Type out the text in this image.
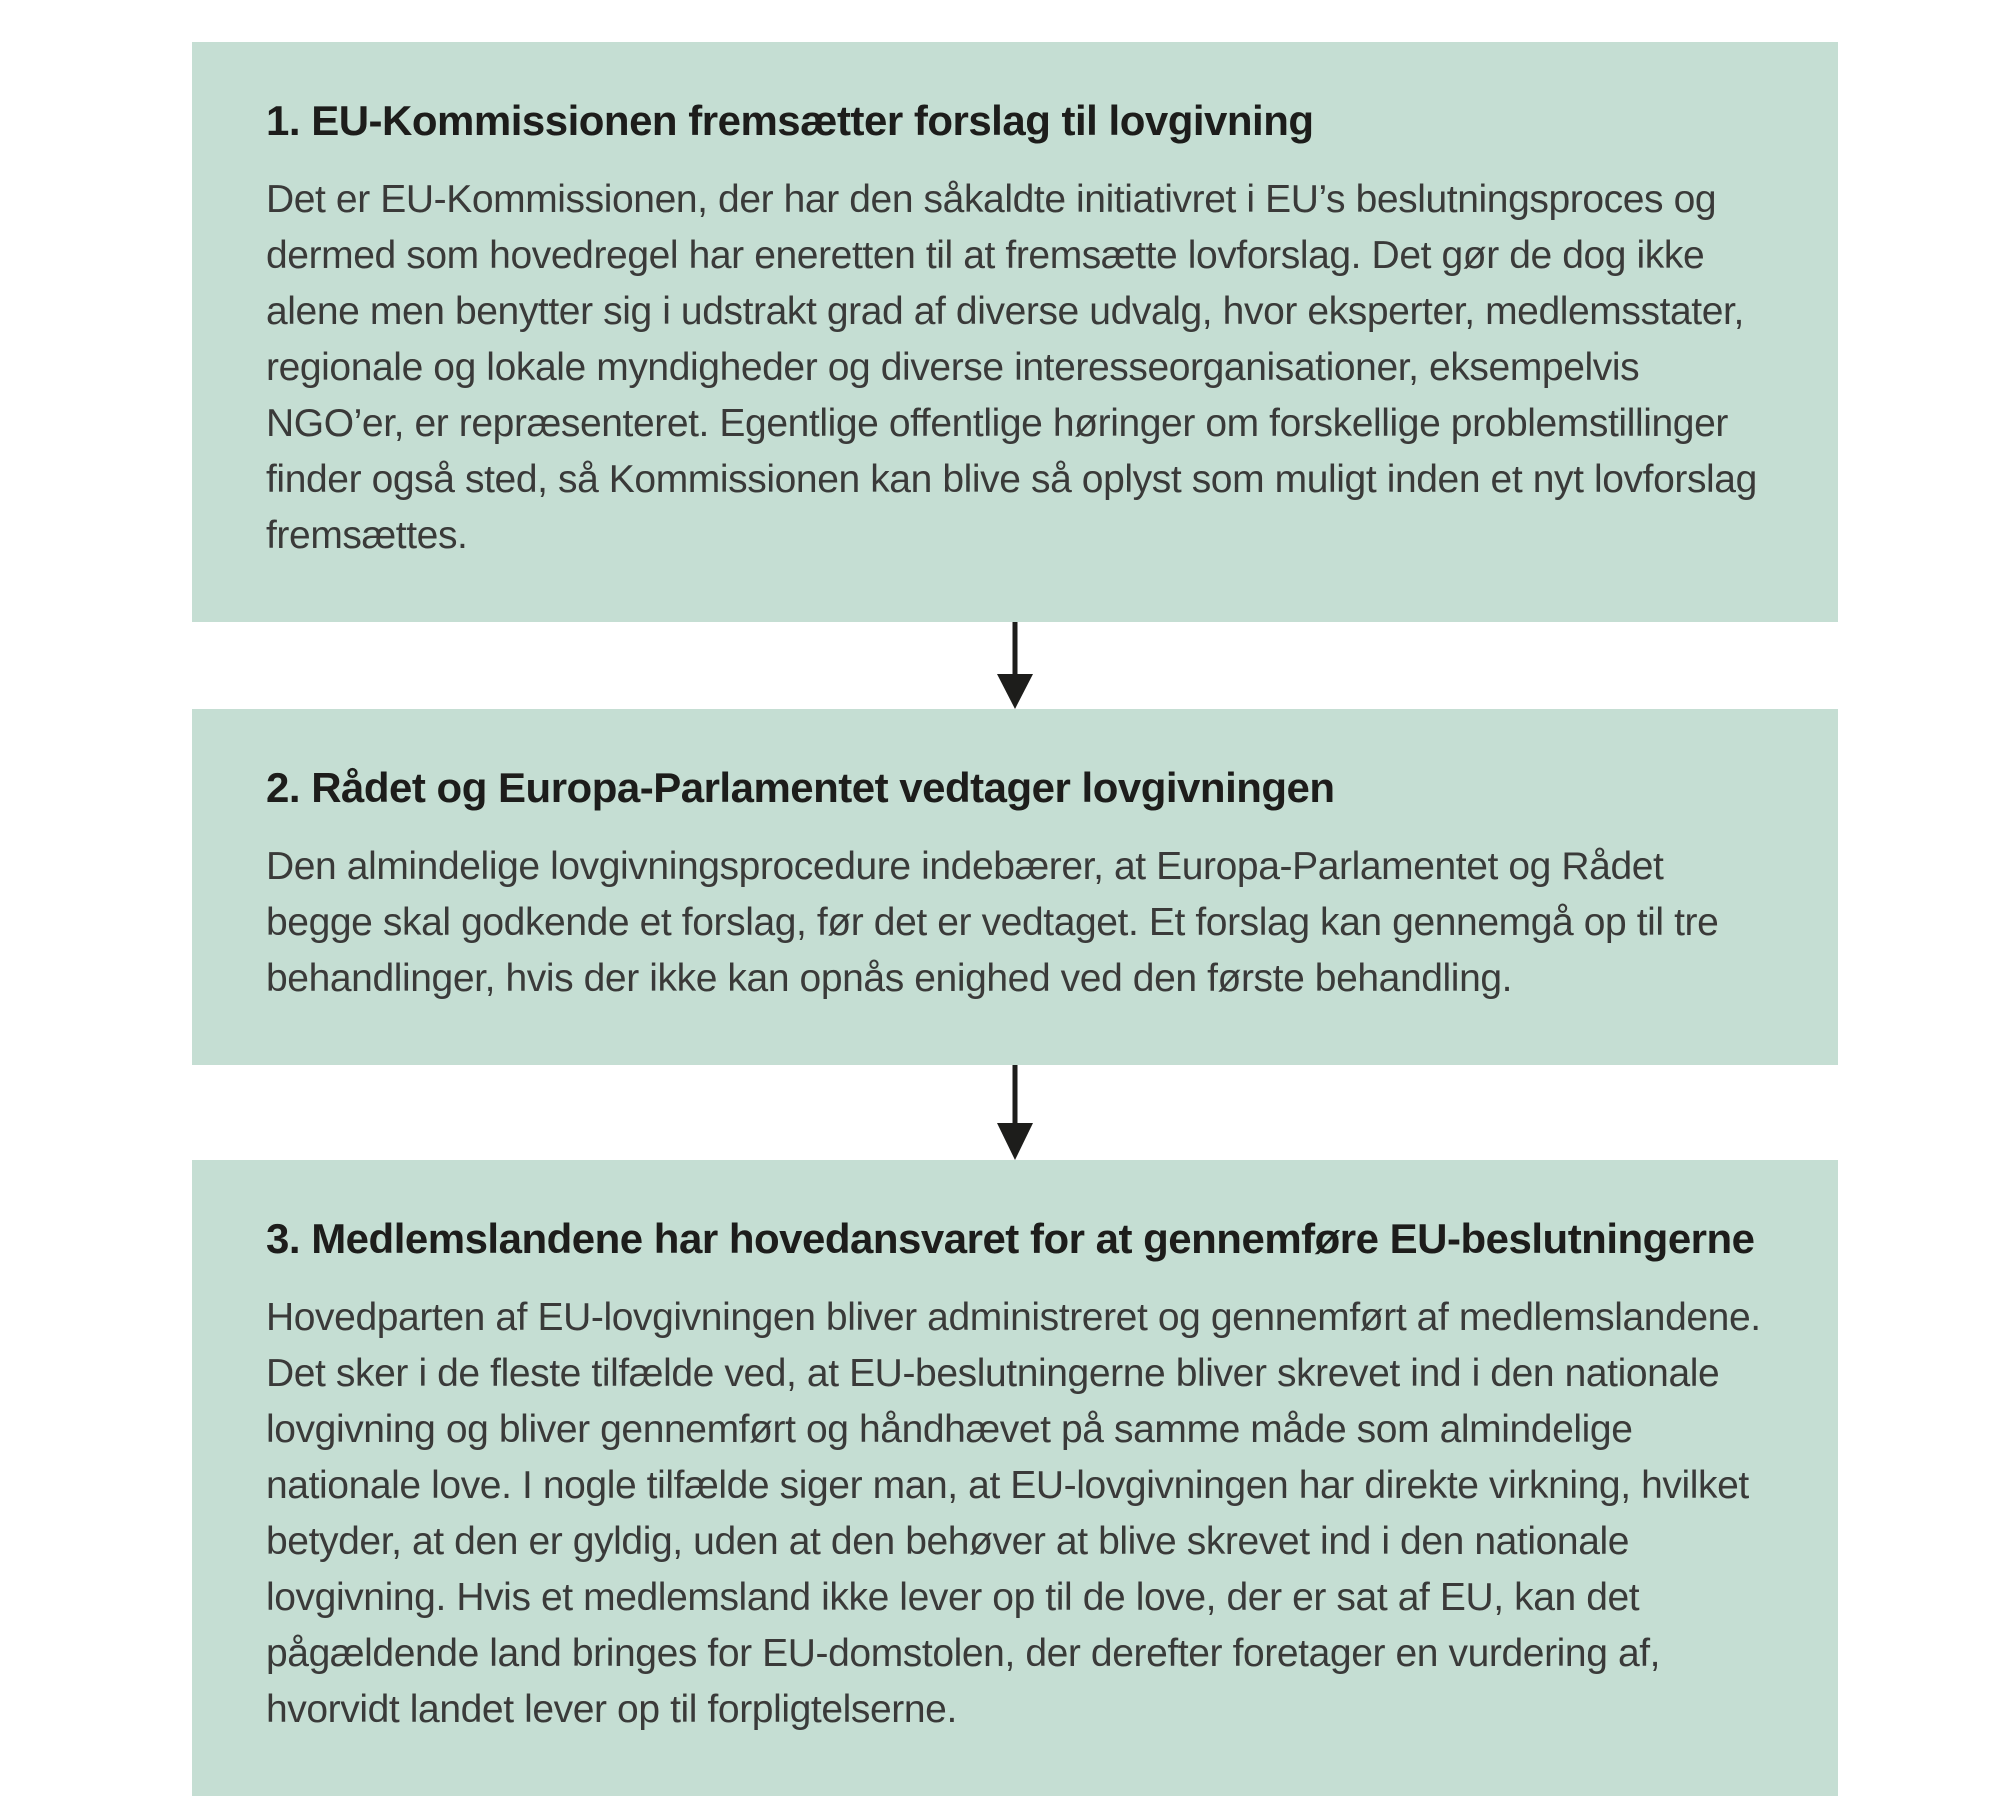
1. EU-Kommissionen fremsætter forslag til lovgivning

Det er EU-Kommissionen, der har den såkaldte initiativret i EU’s beslutningsproces og dermed som hovedregel har eneretten til at fremsætte lovforslag. Det gør de dog ikke alene men benytter sig i udstrakt grad af diverse udvalg, hvor eksperter, medlemsstater, regionale og lokale myndigheder og diverse interesseorganisationer, eksempelvis NGO’er, er repræsenteret. Egentlige offentlige høringer om forskellige problemstillinger finder også sted, så Kommissionen kan blive så oplyst som muligt inden et nyt lovforslag fremsættes.

2. Rådet og Europa-Parlamentet vedtager lovgivningen

Den almindelige lovgivningsprocedure indebærer, at Europa-Parlamentet og Rådet begge skal godkende et forslag, før det er vedtaget. Et forslag kan gennemgå op til tre behandlinger, hvis der ikke kan opnås enighed ved den første behandling.

3. Medlemslandene har hovedansvaret for at gennemføre EU-beslutningerne

Hovedparten af EU-lovgivningen bliver administreret og gennemført af medlemslandene. Det sker i de fleste tilfælde ved, at EU-beslutningerne bliver skrevet ind i den nationale lovgivning og bliver gennemført og håndhævet på samme måde som almindelige nationale love. I nogle tilfælde siger man, at EU-lovgivningen har direkte virkning, hvilket betyder, at den er gyldig, uden at den behøver at blive skrevet ind i den nationale lovgivning. Hvis et medlemsland ikke lever op til de love, der er sat af EU, kan det pågældende land bringes for EU-domstolen, der derefter foretager en vurdering af, hvorvidt landet lever op til forpligtelserne.
